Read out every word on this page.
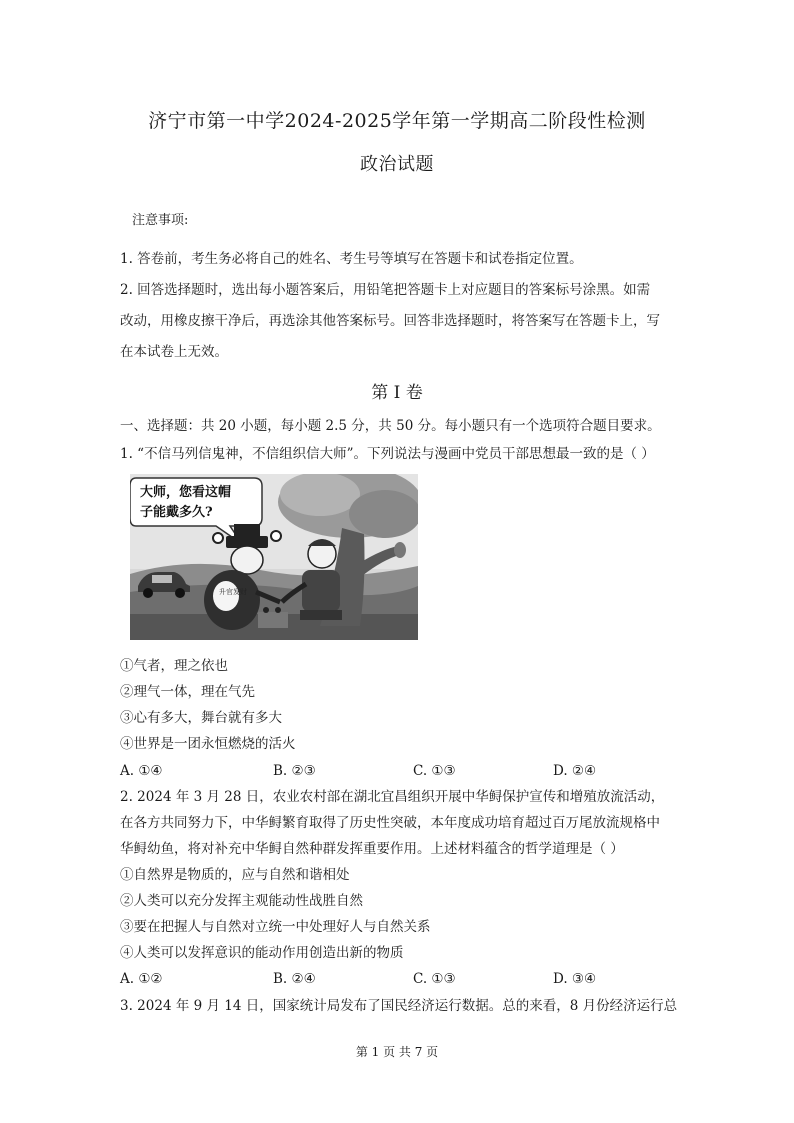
济宁市第一中学2024-2025学年第一学期高二阶段性检测
政治试题
注意事项:
1. 答卷前，考生务必将自己的姓名、考生号等填写在答题卡和试卷指定位置。
2. 回答选择题时，选出每小题答案后，用铅笔把答题卡上对应题目的答案标号涂黑。如需
改动，用橡皮擦干净后，再选涂其他答案标号。回答非选择题时，将答案写在答题卡上，写
在本试卷上无效。
第 I 卷
一、选择题：共 20 小题，每小题 2.5 分，共 50 分。每小题只有一个选项符合题目要求。
1. “不信马列信鬼神，不信组织信大师”。下列说法与漫画中党员干部思想最一致的是（ ）
大师，您看这帽
子能戴多久?
升官发财
①气者，理之依也
②理气一体，理在气先
③心有多大，舞台就有多大
④世界是一团永恒燃烧的活火
A. ①④	B. ②③	C. ①③	D. ②④
2. 2024 年 3 月 28 日，农业农村部在湖北宜昌组织开展中华鲟保护宣传和增殖放流活动，
在各方共同努力下，中华鲟繁育取得了历史性突破，本年度成功培育超过百万尾放流规格中
华鲟幼鱼，将对补充中华鲟自然种群发挥重要作用。上述材料蕴含的哲学道理是（ ）
①自然界是物质的，应与自然和谐相处
②人类可以充分发挥主观能动性战胜自然
③要在把握人与自然对立统一中处理好人与自然关系
④人类可以发挥意识的能动作用创造出新的物质
A. ①②	B. ②④	C. ①③	D. ③④
3. 2024 年 9 月 14 日，国家统计局发布了国民经济运行数据。总的来看，8 月份经济运行总
第 1 页 共 7 页
